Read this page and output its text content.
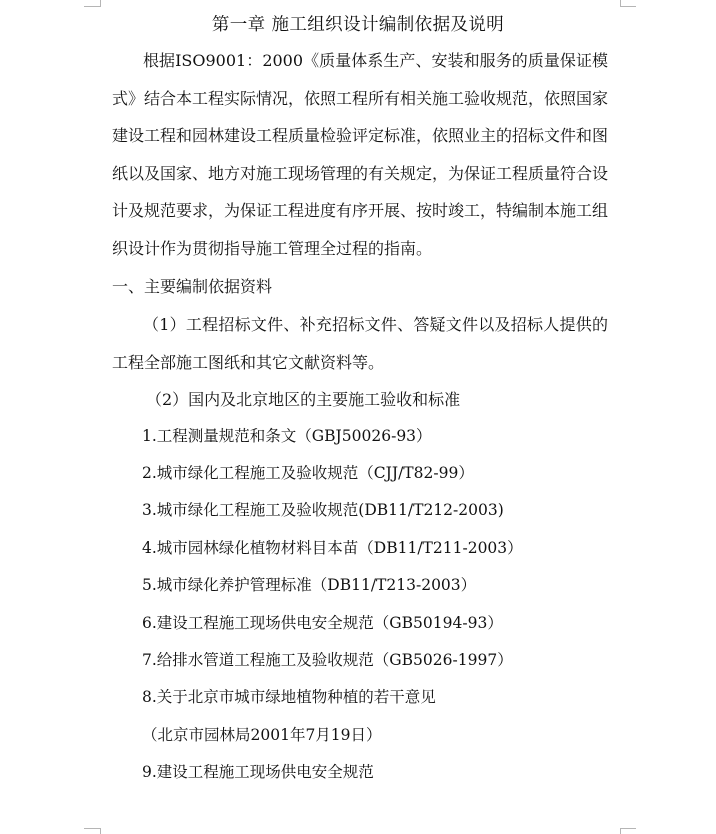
第一章 施工组织设计编制依据及说明

根据ISO9001：2000《质量体系生产、安装和服务的质量保证模式》结合本工程实际情况，依照工程所有相关施工验收规范，依照国家建设工程和园林建设工程质量检验评定标准，依照业主的招标文件和图纸以及国家、地方对施工现场管理的有关规定，为保证工程质量符合设计及规范要求，为保证工程进度有序开展、按时竣工，特编制本施工组织设计作为贯彻指导施工管理全过程的指南。

一、主要编制依据资料

（1）工程招标文件、补充招标文件、答疑文件以及招标人提供的工程全部施工图纸和其它文献资料等。

（2）国内及北京地区的主要施工验收和标准
1.工程测量规范和条文（GBJ50026-93）
2.城市绿化工程施工及验收规范（CJJ/T82-99）
3.城市绿化工程施工及验收规范(DB11/T212-2003)
4.城市园林绿化植物材料目本苗（DB11/T211-2003）
5.城市绿化养护管理标准（DB11/T213-2003）
6.建设工程施工现场供电安全规范（GB50194-93）
7.给排水管道工程施工及验收规范（GB5026-1997）
8.关于北京市城市绿地植物种植的若干意见
（北京市园林局2001年7月19日）
9.建设工程施工现场供电安全规范
